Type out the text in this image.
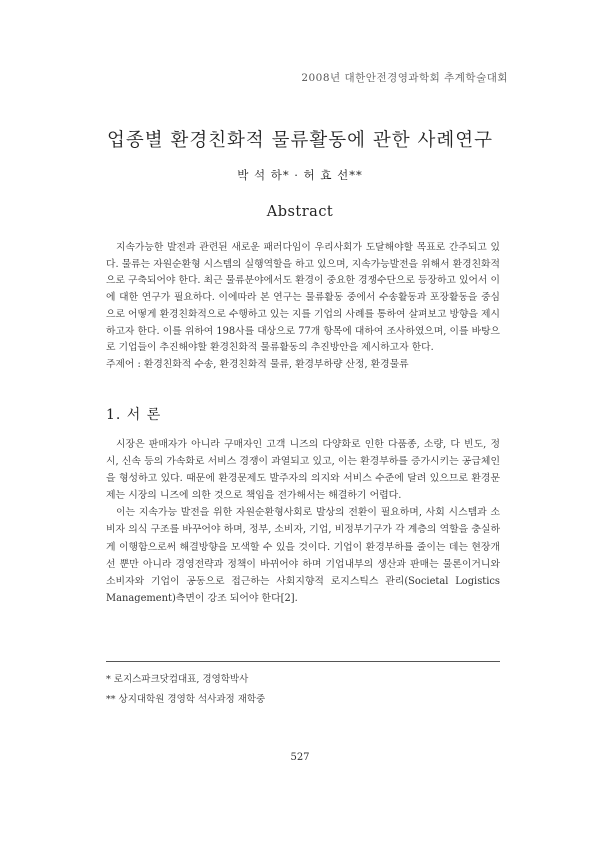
2008년 대한안전경영과학회 추계학술대회
업종별 환경친화적 물류활동에 관한 사례연구
박 석 하* · 허 효 선**
Abstract

지속가능한 발전과 관련된 새로운 패러다임이 우리사회가 도달해야할 목표로 간주되고 있다. 물류는 자원순환형 시스템의 실행역할을 하고 있으며, 지속가능발전을 위해서 환경친화적으로 구축되어야 한다. 최근 물류분야에서도 환경이 중요한 경쟁수단으로 등장하고 있어서 이에 대한 연구가 필요하다. 이에따라 본 연구는 물류활동 중에서 수송활동과 포장활동을 중심으로 어떻게 환경친화적으로 수행하고 있는 지를 기업의 사례를 통하여 살펴보고 방향을 제시하고자 한다. 이를 위하여 198사를 대상으로 77개 항목에 대하여 조사하였으며, 이를 바탕으로 기업들이 추진해야할 환경친화적 물류활동의 추진방안을 제시하고자 한다.

주제어 : 환경친화적 수송, 환경친화적 물류, 환경부하량 산정, 환경물류
1. 서 론

시장은 판매자가 아니라 구매자인 고객 니즈의 다양화로 인한 다품종, 소량, 다 빈도, 정시, 신속 등의 가속화로 서비스 경쟁이 과열되고 있고, 이는 환경부하를 증가시키는 공급체인을 형성하고 있다. 때문에 환경문제도 발주자의 의지와 서비스 수준에 달려 있으므로 환경문제는 시장의 니즈에 의한 것으로 책임을 전가해서는 해결하기 어렵다.

이는 지속가능 발전을 위한 자원순환형사회로 발상의 전환이 필요하며, 사회 시스템과 소비자 의식 구조를 바꾸어야 하며, 정부, 소비자, 기업, 비정부기구가 각 계층의 역할을 충실하게 이행함으로써 해결방향을 모색할 수 있을 것이다. 기업이 환경부하를 줄이는 데는 현장개선 뿐만 아니라 경영전략과 정책이 바뀌어야 하며 기업내부의 생산과 판매는 물론이거니와 소비자와 기업이 공동으로 접근하는 사회지향적 로지스틱스 관리(Societal Logistics Management)측면이 강조 되어야 한다[2].

* 로지스파크닷컴대표, 경영학박사
** 상지대학원 경영학 석사과정 재학중
527
